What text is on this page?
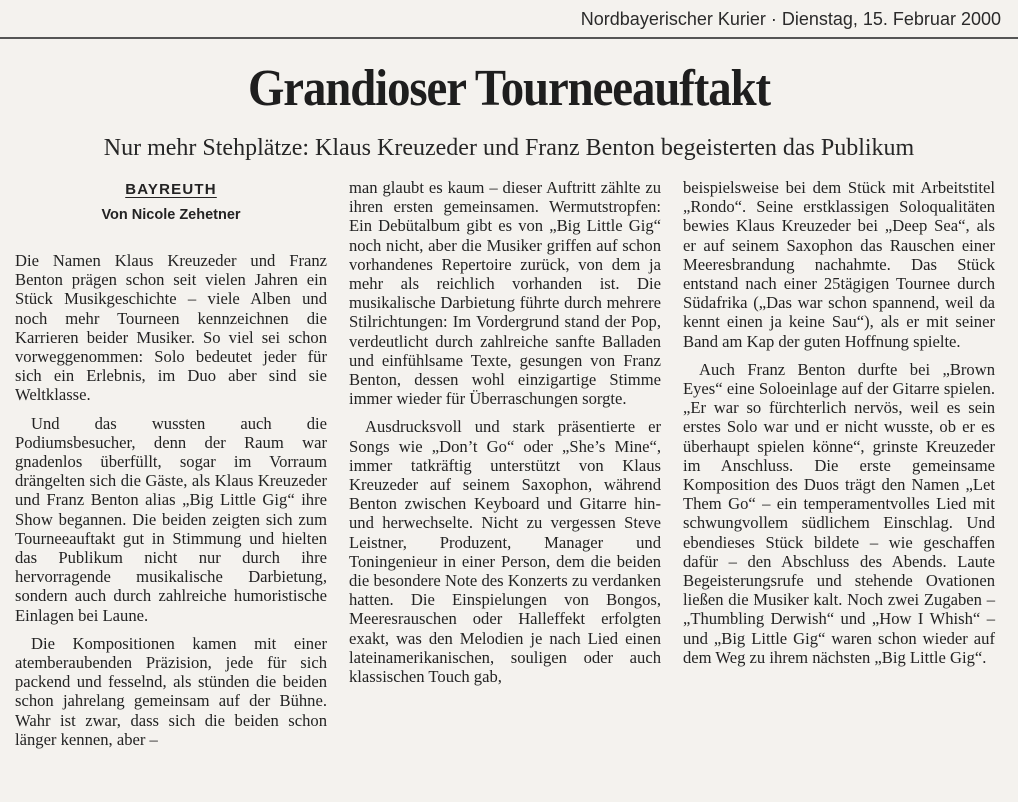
Nordbayerischer Kurier · Dienstag, 15. Februar 2000
Grandioser Tourneeauftakt
Nur mehr Stehplätze: Klaus Kreuzeder und Franz Benton begeisterten das Publikum
BAYREUTH
Von Nicole Zehetner

Die Namen Klaus Kreuzeder und Franz Benton prägen schon seit vielen Jahren ein Stück Musikgeschichte – viele Alben und noch mehr Tourneen kennzeichnen die Karrieren beider Musiker. So viel sei schon vorweggenommen: Solo bedeutet jeder für sich ein Erlebnis, im Duo aber sind sie Weltklasse.

Und das wussten auch die Podiumsbesucher, denn der Raum war gnadenlos überfüllt, sogar im Vorraum drängelten sich die Gäste, als Klaus Kreuzeder und Franz Benton alias „Big Little Gig“ ihre Show begannen. Die beiden zeigten sich zum Tourneeauftakt gut in Stimmung und hielten das Publikum nicht nur durch ihre hervorragende musikalische Darbietung, sondern auch durch zahlreiche humoristische Einlagen bei Laune.

Die Kompositionen kamen mit einer atemberaubenden Präzision, jede für sich packend und fesselnd, als stünden die beiden schon jahrelang gemeinsam auf der Bühne. Wahr ist zwar, dass sich die beiden schon länger kennen, aber –

man glaubt es kaum – dieser Auftritt zählte zu ihren ersten gemeinsamen. Wermutstropfen: Ein Debütalbum gibt es von „Big Little Gig“ noch nicht, aber die Musiker griffen auf schon vorhandenes Repertoire zurück, von dem ja mehr als reichlich vorhanden ist. Die musikalische Darbietung führte durch mehrere Stilrichtungen: Im Vordergrund stand der Pop, verdeutlicht durch zahlreiche sanfte Balladen und einfühlsame Texte, gesungen von Franz Benton, dessen wohl einzigartige Stimme immer wieder für Überraschungen sorgte.

Ausdrucksvoll und stark präsentierte er Songs wie „Don’t Go“ oder „She’s Mine“, immer tatkräftig unterstützt von Klaus Kreuzeder auf seinem Saxophon, während Benton zwischen Keyboard und Gitarre hin- und herwechselte. Nicht zu vergessen Steve Leistner, Produzent, Manager und Toningenieur in einer Person, dem die beiden die besondere Note des Konzerts zu verdanken hatten. Die Einspielungen von Bongos, Meeresrauschen oder Halleffekt erfolgten exakt, was den Melodien je nach Lied einen lateinamerikanischen, souligen oder auch klassischen Touch gab,

beispielsweise bei dem Stück mit Arbeitstitel „Rondo“. Seine erstklassigen Soloqualitäten bewies Klaus Kreuzeder bei „Deep Sea“, als er auf seinem Saxophon das Rauschen einer Meeresbrandung nachahmte. Das Stück entstand nach einer 25tägigen Tournee durch Südafrika („Das war schon spannend, weil da kennt einen ja keine Sau“), als er mit seiner Band am Kap der guten Hoffnung spielte.

Auch Franz Benton durfte bei „Brown Eyes“ eine Soloeinlage auf der Gitarre spielen. „Er war so fürchterlich nervös, weil es sein erstes Solo war und er nicht wusste, ob er es überhaupt spielen könne“, grinste Kreuzeder im Anschluss. Die erste gemeinsame Komposition des Duos trägt den Namen „Let Them Go“ – ein temperamentvolles Lied mit schwungvollem südlichem Einschlag. Und ebendieses Stück bildete – wie geschaffen dafür – den Abschluss des Abends. Laute Begeisterungsrufe und stehende Ovationen ließen die Musiker kalt. Noch zwei Zugaben – „Thumbling Derwish“ und „How I Whish“ – und „Big Little Gig“ waren schon wieder auf dem Weg zu ihrem nächsten „Big Little Gig“.
